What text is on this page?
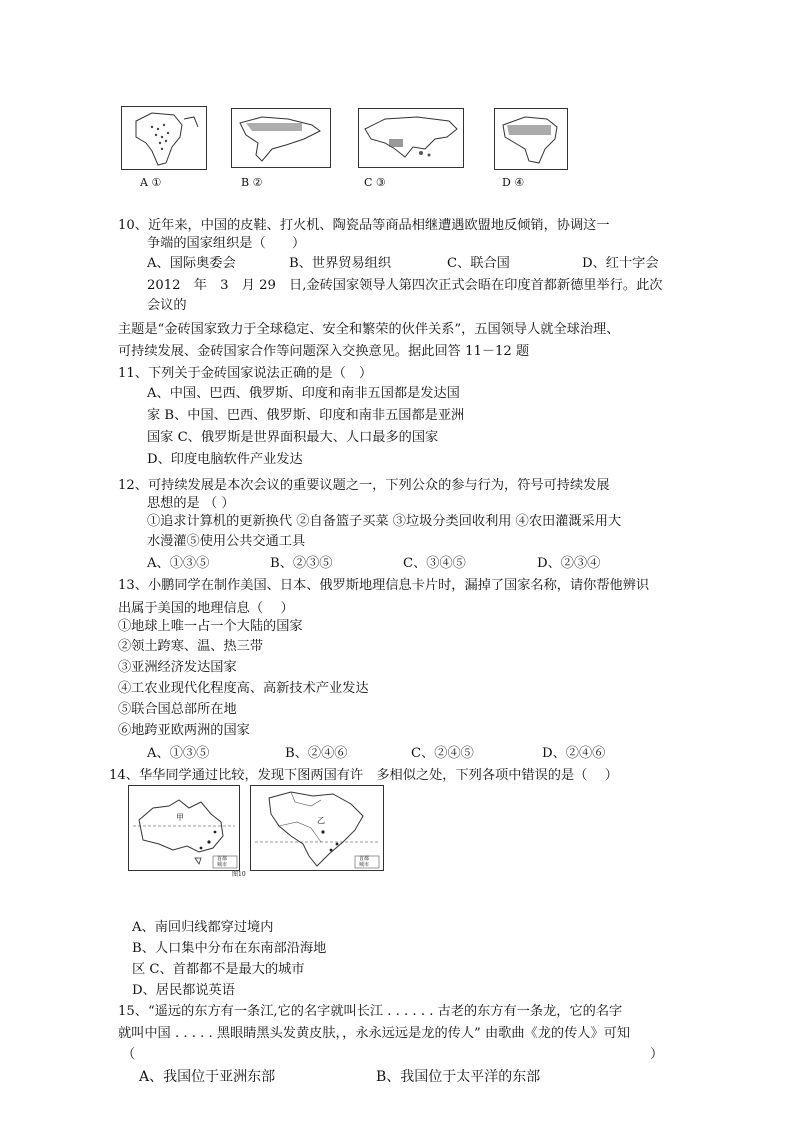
A ①	B ②	C ③	D ④
10、近年来，中国的皮鞋、打火机、陶瓷品等商品相继遭遇欧盟地反倾销，协调这一
争端的国家组织是（　　）
A、国际奥委会	B、世界贸易组织	C、联合国	D、红十字会
2012　年　3　月 29　日,金砖国家领导人第四次正式会晤在印度首都新德里举行。此次
会议的
主题是“金砖国家致力于全球稳定、安全和繁荣的伙伴关系”，五国领导人就全球治理、
可持续发展、金砖国家合作等问题深入交换意见。据此回答 11－12 题
11、下列关于金砖国家说法正确的是（　）
A、中国、巴西、俄罗斯、印度和南非五国都是发达国
家 B、中国、巴西、俄罗斯、印度和南非五国都是亚洲
国家 C、俄罗斯是世界面积最大、人口最多的国家
D、印度电脑软件产业发达
12、可持续发展是本次会议的重要议题之一，下列公众的参与行为，符号可持续发展
思想的是 （ ）
①追求计算机的更新换代 ②自备篮子买菜 ③垃圾分类回收利用 ④农田灌溉采用大
水漫灌⑤使用公共交通工具
A、①③⑤	B、②③⑤	C、③④⑤	D、②③④
13、小鹏同学在制作美国、日本、俄罗斯地理信息卡片时，漏掉了国家名称，请你帮他辨识
出属于美国的地理信息（　 ）
①地球上唯一占一个大陆的国家
②领土跨寒、温、热三带
③亚洲经济发达国家
④工农业现代化程度高、高新技术产业发达
⑤联合国总部所在地
⑥地跨亚欧两洲的国家
A、①③⑤	B、②④⑥	C、②④⑤	D、②④⑥
14、华华同学通过比较，发现下图两国有许　多相似之处，下列各项中错误的是（　 ）
甲
首都
城市
乙
首都
城市
图10
A、南回归线都穿过境内
B、人口集中分布在东南部沿海地
区 C、首都都不是最大的城市
D、居民都说英语
15、“遥远的东方有一条江,它的名字就叫长江 . . . . . . 古老的东方有一条龙，它的名字
就叫中国 . . . . . 黑眼睛黑头发黄皮肤，，永永远远是龙的传人” 由歌曲《龙的传人》可知
（	）
A、我国位于亚洲东部	B、我国位于太平洋的东部
